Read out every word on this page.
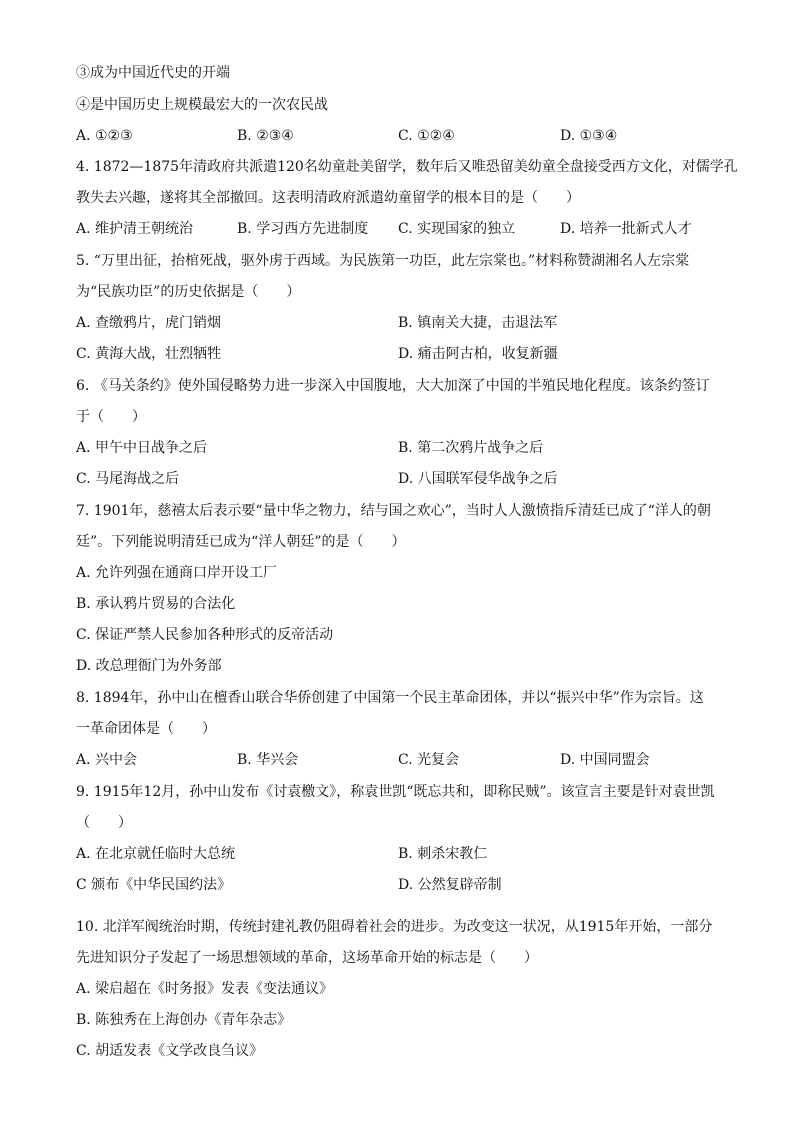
③成为中国近代史的开端
④是中国历史上规模最宏大的一次农民战
A. ①②③	B. ②③④	C. ①②④	D. ①③④
4. 1872—1875年清政府共派遣120名幼童赴美留学，数年后又唯恐留美幼童全盘接受西方文化，对儒学孔
教失去兴趣，遂将其全部撤回。这表明清政府派遣幼童留学的根本目的是（　　）
A. 维护清王朝统治	B. 学习西方先进制度 C. 实现国家的独立	D. 培养一批新式人才
5. “万里出征，抬棺死战，驱外虏于西域。为民族第一功臣，此左宗棠也。”材料称赞湖湘名人左宗棠
为“民族功臣”的历史依据是（　　）
A. 查缴鸦片，虎门销烟	B. 镇南关大捷，击退法军
C. 黄海大战，壮烈牺牲	D. 痛击阿古柏，收复新疆
6. 《马关条约》使外国侵略势力进一步深入中国腹地，大大加深了中国的半殖民地化程度。该条约签订
于（　　）
A. 甲午中日战争之后	B. 第二次鸦片战争之后
C. 马尾海战之后	D. 八国联军侵华战争之后
7. 1901年，慈禧太后表示要“量中华之物力，结与国之欢心”，当时人人激愤指斥清廷已成了“洋人的朝
廷”。下列能说明清廷已成为“洋人朝廷”的是（　　）
A. 允许列强在通商口岸开设工厂
B. 承认鸦片贸易的合法化
C. 保证严禁人民参加各种形式的反帝活动
D. 改总理衙门为外务部
8. 1894年，孙中山在檀香山联合华侨创建了中国第一个民主革命团体，并以“振兴中华”作为宗旨。这
一革命团体是（　　）
A. 兴中会	B. 华兴会	C. 光复会	D. 中国同盟会
9. 1915年12月，孙中山发布《讨袁檄文》，称袁世凯“既忘共和，即称民贼”。该宣言主要是针对袁世凯
（　　）
A. 在北京就任临时大总统	B. 刺杀宋教仁
C 颁布《中华民国约法》	D. 公然复辟帝制
10. 北洋军阀统治时期，传统封建礼教仍阻碍着社会的进步。为改变这一状况，从1915年开始，一部分
先进知识分子发起了一场思想领域的革命，这场革命开始的标志是（　　）
A. 梁启超在《时务报》发表《变法通议》
B. 陈独秀在上海创办《青年杂志》
C. 胡适发表《文学改良刍议》
